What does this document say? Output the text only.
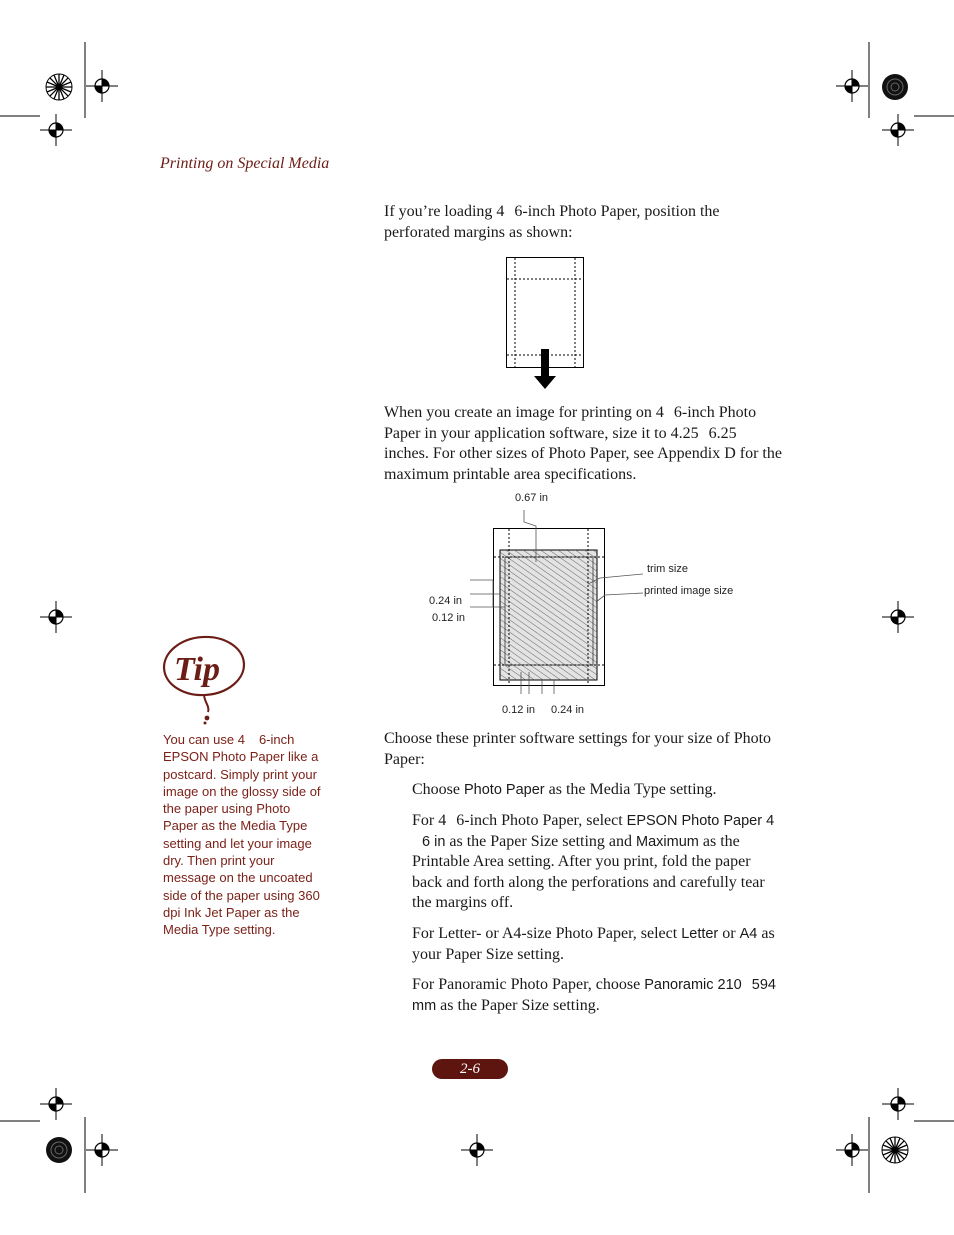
Printing on Special Media
If you’re loading 4 6-inch Photo Paper, position the perforated margins as shown:
When you create an image for printing on 4 6-inch Photo Paper in your application software, size it to 4.25 6.25 inches. For other sizes of Photo Paper, see Appendix D for the maximum printable area specifications.
0.67 in
trim size
printed image size
0.24 in
0.12 in
0.12 in 0.24 in
Tip
You can use 4 6-inch EPSON Photo Paper like a postcard. Simply print your image on the glossy side of the paper using Photo Paper as the Media Type setting and let your image dry. Then print your message on the uncoated side of the paper using 360 dpi Ink Jet Paper as the Media Type setting.
Choose these printer software settings for your size of Photo Paper:
Choose Photo Paper as the Media Type setting.
For 4 6-inch Photo Paper, select EPSON Photo Paper 46 in as the Paper Size setting and Maximum as the Printable Area setting. After you print, fold the paper back and forth along the perforations and carefully tear the margins off.
For Letter- or A4-size Photo Paper, select Letter or A4 as your Paper Size setting.
For Panoramic Photo Paper, choose Panoramic 210 594 mm as the Paper Size setting.
2-6
